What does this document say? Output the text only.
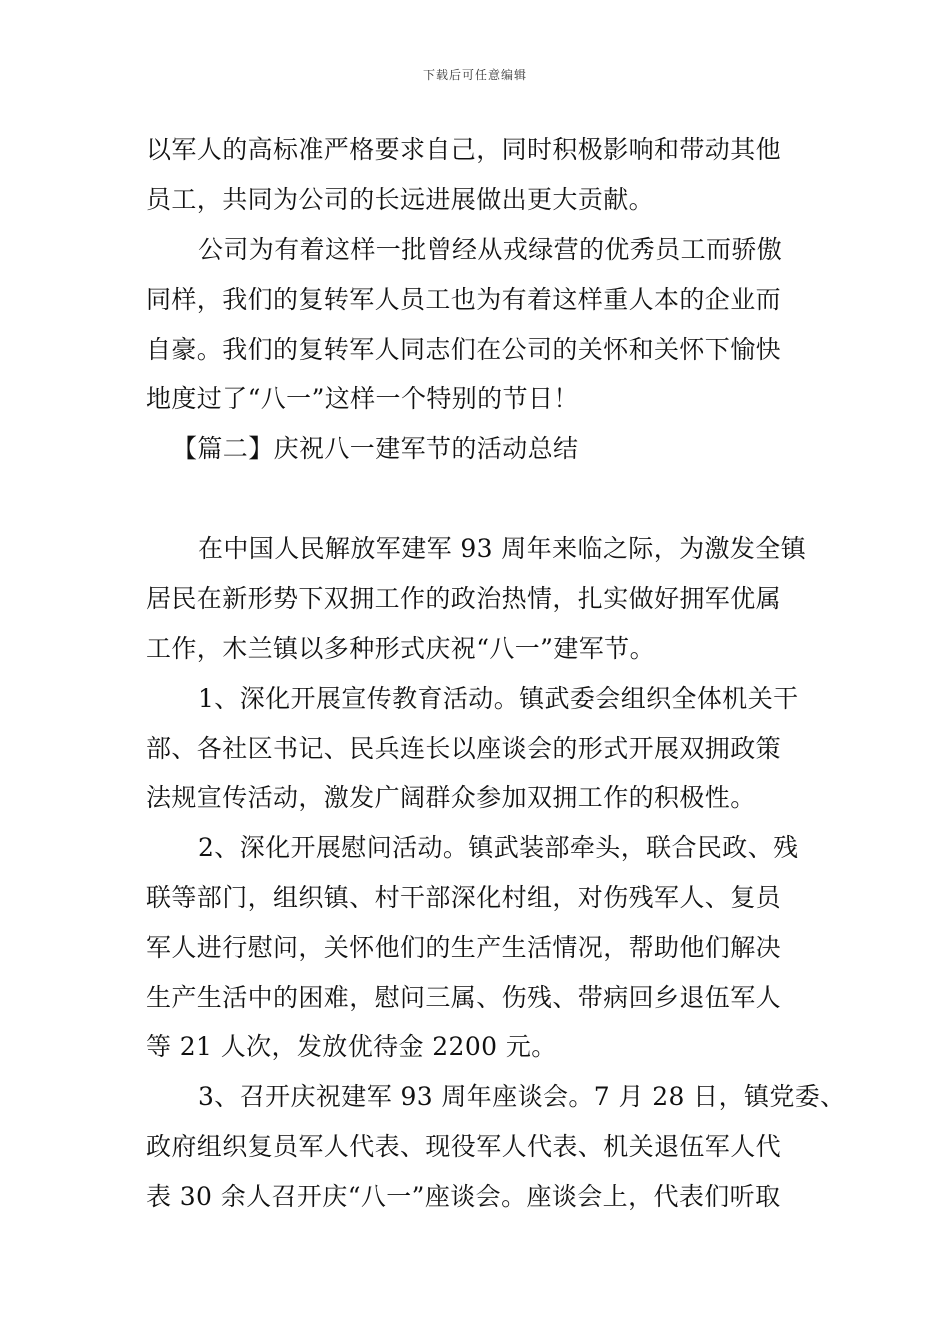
下载后可任意编辑
以军人的高标准严格要求自己，同时积极影响和带动其他
员工，共同为公司的长远进展做出更大贡献。
公司为有着这样一批曾经从戎绿营的优秀员工而骄傲
同样，我们的复转军人员工也为有着这样重人本的企业而
自豪。我们的复转军人同志们在公司的关怀和关怀下愉快
地度过了“八一”这样一个特别的节日！
【篇二】庆祝八一建军节的活动总结
在中国人民解放军建军 93 周年来临之际，为激发全镇
居民在新形势下双拥工作的政治热情，扎实做好拥军优属
工作，木兰镇以多种形式庆祝“八一”建军节。
1、深化开展宣传教育活动。镇武委会组织全体机关干
部、各社区书记、民兵连长以座谈会的形式开展双拥政策
法规宣传活动，激发广阔群众参加双拥工作的积极性。
2、深化开展慰问活动。镇武装部牵头，联合民政、残
联等部门，组织镇、村干部深化村组，对伤残军人、复员
军人进行慰问，关怀他们的生产生活情况，帮助他们解决
生产生活中的困难，慰问三属、伤残、带病回乡退伍军人
等 21 人次，发放优待金 2200 元。
3、召开庆祝建军 93 周年座谈会。7 月 28 日，镇党委、
政府组织复员军人代表、现役军人代表、机关退伍军人代
表 30 余人召开庆“八一”座谈会。座谈会上，代表们听取
